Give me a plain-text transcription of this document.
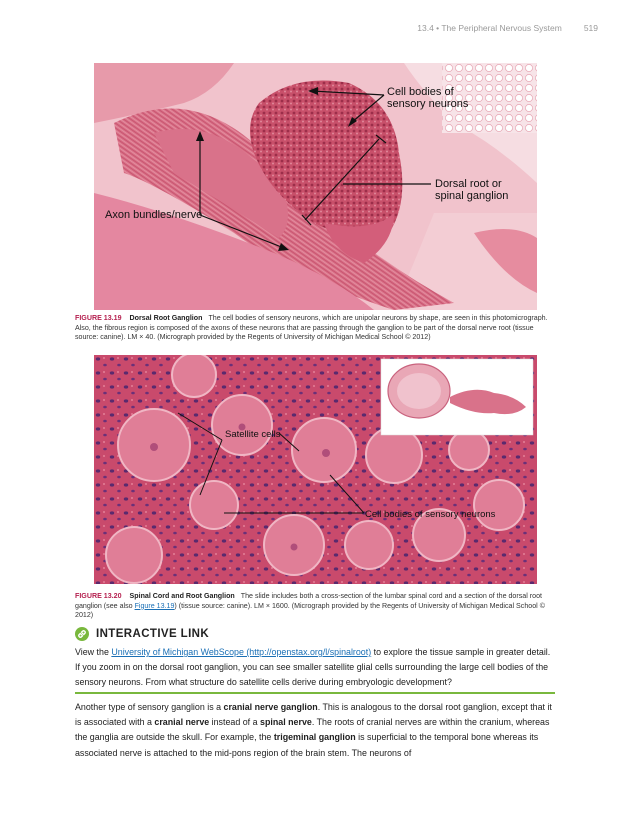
13.4 • The Peripheral Nervous System	519
Cell bodies of
sensory neurons
Dorsal root or
spinal ganglion
Axon bundles/nerve
FIGURE 13.19 Dorsal Root Ganglion The cell bodies of sensory neurons, which are unipolar neurons by shape, are seen in this photomicrograph. Also, the fibrous region is composed of the axons of these neurons that are passing through the ganglion to be part of the dorsal nerve root (tissue source: canine). LM × 40. (Micrograph provided by the Regents of University of Michigan Medical School © 2012)
Satellite cells
Cell bodies of sensory neurons
FIGURE 13.20 Spinal Cord and Root Ganglion The slide includes both a cross-section of the lumbar spinal cord and a section of the dorsal root ganglion (see also Figure 13.19) (tissue source: canine). LM × 1600. (Micrograph provided by the Regents of University of Michigan Medical School © 2012)
INTERACTIVE LINK
View the University of Michigan WebScope (http://openstax.org/l/spinalroot) to explore the tissue sample in greater detail. If you zoom in on the dorsal root ganglion, you can see smaller satellite glial cells surrounding the large cell bodies of the sensory neurons. From what structure do satellite cells derive during embryologic development?
Another type of sensory ganglion is a cranial nerve ganglion. This is analogous to the dorsal root ganglion, except that it is associated with a cranial nerve instead of a spinal nerve. The roots of cranial nerves are within the cranium, whereas the ganglia are outside the skull. For example, the trigeminal ganglion is superficial to the temporal bone whereas its associated nerve is attached to the mid-pons region of the brain stem. The neurons of
